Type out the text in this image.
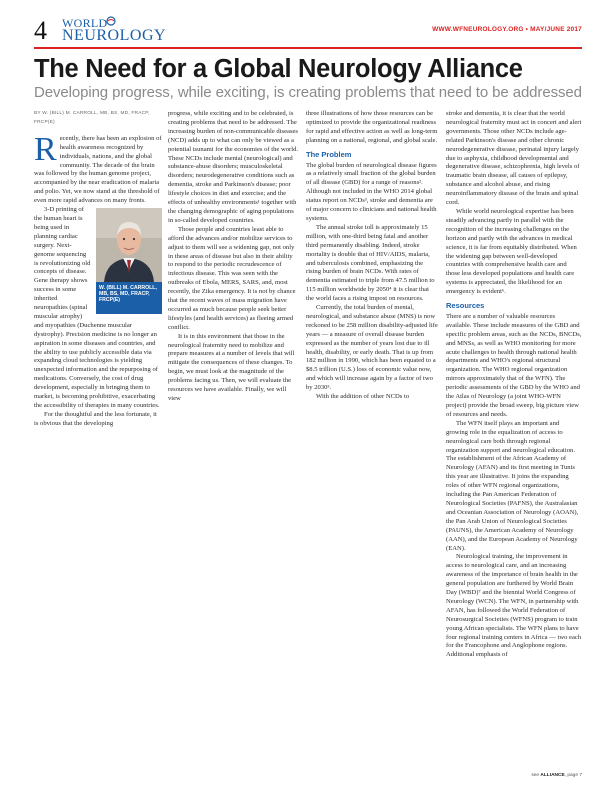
4 WORLD
NEUROLOGY	WWW.WFNEUROLOGY.ORG • MAY/JUNE 2017
The Need for a Global Neurology Alliance
Developing progress, while exciting, is creating problems that need to be addressed
BY W. (BILL) M. CARROLL, MB, BS, MD, FRACP, FRCP(E)

Recently, there has been an explosion of health awareness recognized by individuals, nations, and the global community. The decade of the brain was followed by the human genome project, accompanied by the near eradication of malaria and polio. Yet, we now stand at the threshold of even more rapid advances on many fronts.

W. (BILL) M. CARROLL, MB, BS, MD, FRACP, FRCP(E)

3-D printing of the human heart is being used in planning cardiac surgery. Next-genome sequencing is revolutionizing old concepts of disease. Gene therapy shows success in some inherited neuropathies (spinal muscular atrophy) and myopathies (Duchenne muscular dystrophy). Precision medicine is no longer an aspiration in some diseases and countries, and the ability to use publicly accessible data via expanding cloud technologies is yielding unexpected information and the repurposing of medications. Conversely, the cost of drug development, especially in bringing them to market, is becoming prohibitive, exacerbating the accessibility of therapies in many countries.

For the thoughtful and the less fortunate, it is obvious that the developing

progress, while exciting and to be celebrated, is creating problems that need to be addressed. The increasing burden of non-communicable diseases (NCD) adds up to what can only be viewed as a potential tsunami for the economies of the world. These NCDs include mental (neurological) and substance-abuse disorders; musculoskeletal disorders; neurodegenerative conditions such as dementia, stroke and Parkinson's disease; poor lifestyle choices in diet and exercise; and the effects of unhealthy environments¹ together with the changing demographic of aging populations in so-called developed countries.

Those people and countries least able to afford the advances and/or mobilize services to adjust to them will see a widening gap, not only in these areas of disease but also in their ability to respond to the periodic recrudescence of infectious disease. This was seen with the outbreaks of Ebola, MERS, SARS, and, most recently, the Zika emergency. It is not by chance that the recent waves of mass migration have occurred as much because people seek better lifestyles (and health services) as fleeing armed conflict.

It is in this environment that those in the neurological fraternity need to mobilize and prepare measures at a number of levels that will mitigate the consequences of these changes. To begin, we must look at the magnitude of the problems facing us. Then, we will evaluate the resources we have available. Finally, we will view

three illustrations of how those resources can be optimized to provide the organizational readiness for rapid and effective action as well as long-term planning on a national, regional, and global scale.

The Problem

The global burden of neurological disease figures as a relatively small fraction of the global burden of all disease (GBD) for a range of reasons². Although not included in the WHO 2014 global status report on NCDs³, stroke and dementia are of major concern to clinicians and national health systems.

The annual stroke toll is approximately 15 million, with one-third being fatal and another third permanently disabling. Indeed, stroke mortality is double that of HIV/AIDS, malaria, and tuberculosis combined, emphasizing the rising burden of brain NCDs. With rates of dementia estimated to triple from 47.5 million to 115 million worldwide by 2050⁴ it is clear that the world faces a rising impost on resources.

Currently, the total burden of mental, neurological, and substance abuse (MNS) is now reckoned to be 258 million disability-adjusted life years — a measure of overall disease burden expressed as the number of years lost due to ill health, disability, or early death. That is up from 182 million in 1990, which has been equated to a $8.5 trillion (U.S.) loss of economic value now, and which will increase again by a factor of two by 2030⁵.

With the addition of other NCDs to

stroke and dementia, it is clear that the world neurological fraternity must act in concert and alert governments. Those other NCDs include age-related Parkinson's disease and other chronic neurodegenerative disease, perinatal injury largely due to asphyxia, childhood developmental and degenerative disease, schizophrenia, high levels of traumatic brain disease, all causes of epilepsy, substance and alcohol abuse, and rising neuroinflammatory disease of the brain and spinal cord.

While world neurological expertise has been steadily advancing partly in parallel with the recognition of the increasing challenges on the horizon and partly with the advances in medical science, it is far from equitably distributed. When the widening gap between well-developed countries with comprehensive health care and those less developed populations and health care systems is appreciated, the likelihood for an emergency is evident⁶.

Resources

There are a number of valuable resources available. These include measures of the GBD and specific problem areas, such as the NCDs, BNCDs, and MNSs, as well as WHO monitoring for more acute challenges to health through national health departments and WHO's regional structural organization. The WHO regional organization mirrors approximately that of the WFN). The periodic assessments of the GBD by the WHO and the Atlas of Neurology (a joint WHO-WFN project) provide the broad sweep, big picture view of resources and needs.

The WFN itself plays an important and growing role in the equalization of access to neurological care both through regional organization support and neurological education. The establishment of the African Academy of Neurology (AFAN) and its first meeting in Tunis this year are illustrative. It joins the expanding roles of other WFN regional organizations, including the Pan American Federation of Neurological Societies (PAFNS), the Australasian and Oceanian Association of Neurology (AOAN), the Pan Arab Union of Neurological Societies (PAUNS), the American Academy of Neurology (AAN), and the European Academy of Neurology (EAN).

Neurological training, the improvement in access to neurological care, and an increasing awareness of the importance of brain health in the general population are furthered by World Brain Day (WBD)⁷ and the biennial World Congress of Neurology (WCN). The WFN, in partnership with AFAN, has followed the World Federation of Neurosurgical Societies (WFNS) program to train young African specialists. The WFN plans to have four regional training centers in Africa — two each for the Francophone and Anglophone regions. Additional emphasis of

see ALLIANCE, page 7
